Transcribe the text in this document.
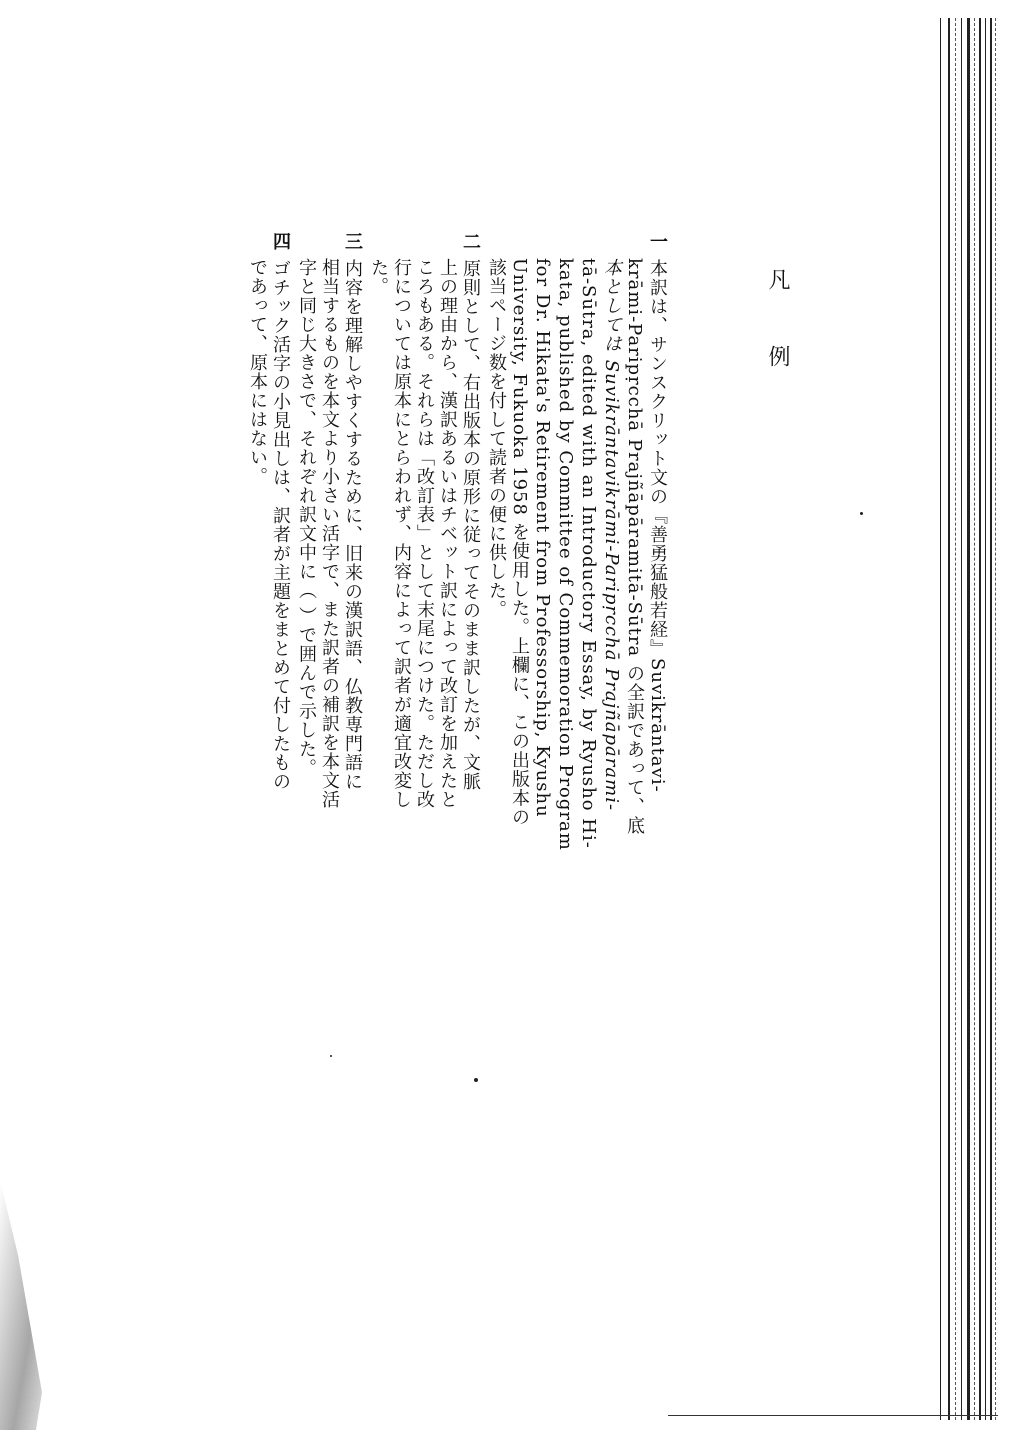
凡 例
一本訳は、サンスクリット文の『善勇猛般若経』Suvikrāntavi-
krāmi-Paripṛcchā Prajñāpāramitā-Sūtra の全訳であって、底
本としては Suvikrāntavikrāmi-Paripṛcchā Prajñāpārami-
tā-Sūtra, edited with an Introductory Essay, by Ryusho Hi-
kata, published by Committee of Commemoration Program
for Dr. Hikata's Retirement from Professorship, Kyushu
University, Fukuoka 1958 を使用した。上欄に、この出版本の
該当ページ数を付して読者の便に供した。
二原則として、右出版本の原形に従ってそのまま訳したが、文脈
上の理由から、漢訳あるいはチベット訳によって改訂を加えたと
ころもある。それらは「改訂表」として末尾につけた。ただし改
行については原本にとらわれず、内容によって訳者が適宜改変し
た。
三内容を理解しやすくするために、旧来の漢訳語、仏教専門語に
相当するものを本文より小さい活字で、また訳者の補訳を本文活
字と同じ大きさで、それぞれ訳文中に（ ）で囲んで示した。
四ゴチック活字の小見出しは、訳者が主題をまとめて付したもの
であって、原本にはない。
